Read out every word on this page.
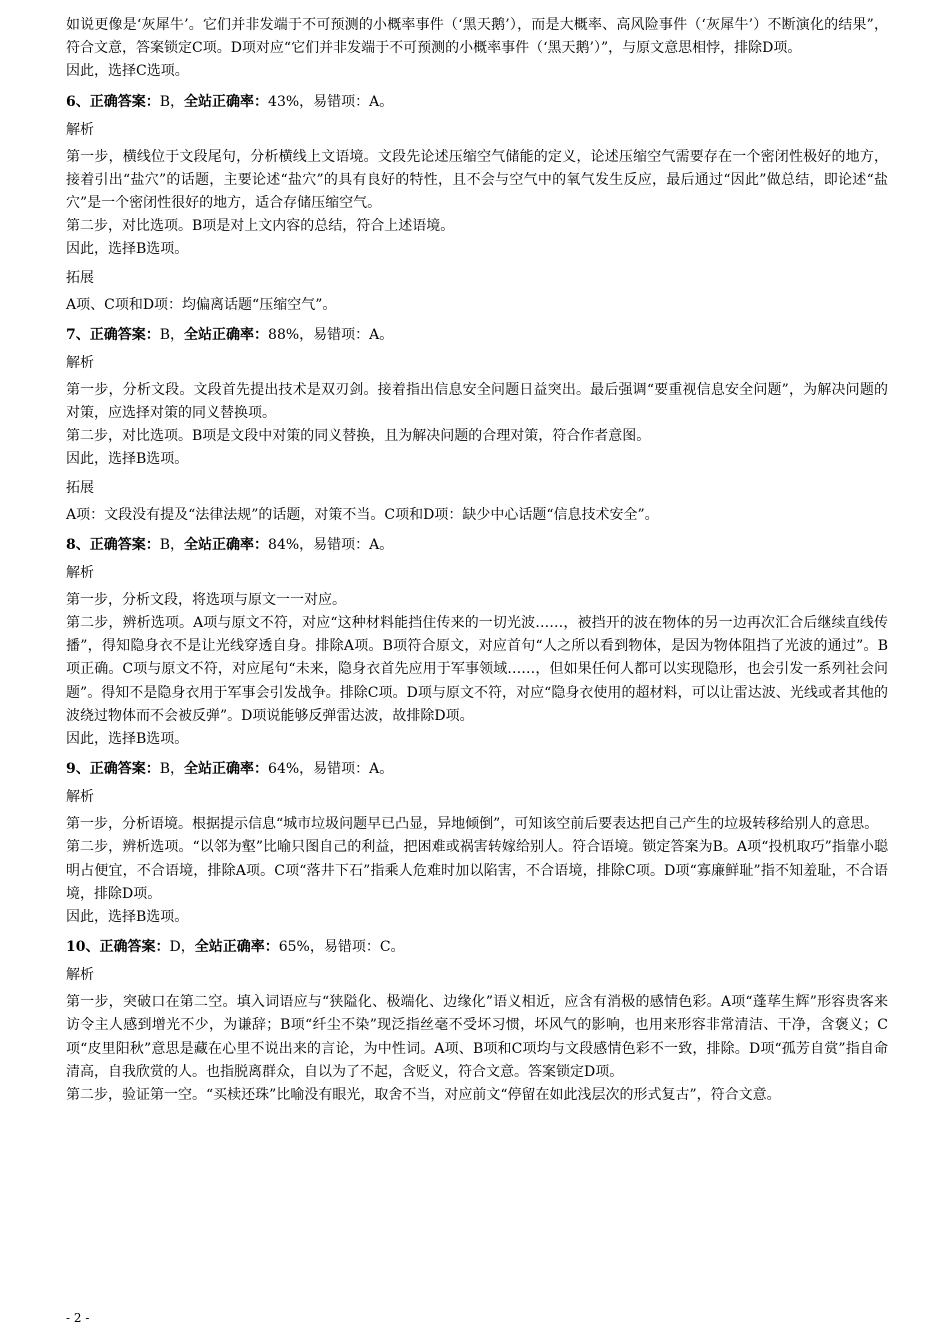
如说更像是‘灰犀牛’。它们并非发端于不可预测的小概率事件（‘黑天鹅’），而是大概率、高风险事件（‘灰犀牛’）不断演化的结果”，符合文意，答案锁定C项。D项对应“它们并非发端于不可预测的小概率事件（‘黑天鹅’）”，与原文意思相悖，排除D项。

因此，选择C选项。

6、正确答案：B，全站正确率：43%，易错项：A。

解析

第一步，横线位于文段尾句，分析横线上文语境。文段先论述压缩空气储能的定义，论述压缩空气需要存在一个密闭性极好的地方，接着引出“盐穴”的话题，主要论述“盐穴”的具有良好的特性，且不会与空气中的氧气发生反应，最后通过“因此”做总结，即论述“盐穴”是一个密闭性很好的地方，适合存储压缩空气。

第二步，对比选项。B项是对上文内容的总结，符合上述语境。

因此，选择B选项。

拓展

A项、C项和D项：均偏离话题“压缩空气”。

7、正确答案：B，全站正确率：88%，易错项：A。

解析

第一步，分析文段。文段首先提出技术是双刃剑。接着指出信息安全问题日益突出。最后强调“要重视信息安全问题”，为解决问题的对策，应选择对策的同义替换项。

第二步，对比选项。B项是文段中对策的同义替换，且为解决问题的合理对策，符合作者意图。

因此，选择B选项。

拓展

A项：文段没有提及“法律法规”的话题，对策不当。C项和D项：缺少中心话题“信息技术安全”。

8、正确答案：B，全站正确率：84%，易错项：A。

解析

第一步，分析文段，将选项与原文一一对应。

第二步，辨析选项。A项与原文不符，对应“这种材料能挡住传来的一切光波……，被挡开的波在物体的另一边再次汇合后继续直线传播”，得知隐身衣不是让光线穿透自身。排除A项。B项符合原文，对应首句“人之所以看到物体，是因为物体阻挡了光波的通过”。B项正确。C项与原文不符，对应尾句“未来，隐身衣首先应用于军事领域……，但如果任何人都可以实现隐形，也会引发一系列社会问题”。得知不是隐身衣用于军事会引发战争。排除C项。D项与原文不符，对应“隐身衣使用的超材料，可以让雷达波、光线或者其他的波绕过物体而不会被反弹”。D项说能够反弹雷达波，故排除D项。

因此，选择B选项。

9、正确答案：B，全站正确率：64%，易错项：A。

解析

第一步，分析语境。根据提示信息“城市垃圾问题早已凸显，异地倾倒”，可知该空前后要表达把自己产生的垃圾转移给别人的意思。

第二步，辨析选项。“以邻为壑”比喻只图自己的利益，把困难或祸害转嫁给别人。符合语境。锁定答案为B。A项“投机取巧”指靠小聪明占便宜，不合语境，排除A项。C项“落井下石”指乘人危难时加以陷害，不合语境，排除C项。D项“寡廉鲜耻”指不知羞耻，不合语境，排除D项。

因此，选择B选项。

10、正确答案：D，全站正确率：65%，易错项：C。

解析

第一步，突破口在第二空。填入词语应与“狭隘化、极端化、边缘化”语义相近，应含有消极的感情色彩。A项“蓬荜生辉”形容贵客来访令主人感到增光不少，为谦辞；B项“纤尘不染”现泛指丝毫不受坏习惯，坏风气的影响，也用来形容非常清洁、干净，含褒义；C项“皮里阳秋”意思是藏在心里不说出来的言论，为中性词。A项、B项和C项均与文段感情色彩不一致，排除。D项“孤芳自赏”指自命清高，自我欣赏的人。也指脱离群众，自以为了不起，含贬义，符合文意。答案锁定D项。

第二步，验证第一空。“买椟还珠”比喻没有眼光，取舍不当，对应前文“停留在如此浅层次的形式复古”，符合文意。

- 2 -
